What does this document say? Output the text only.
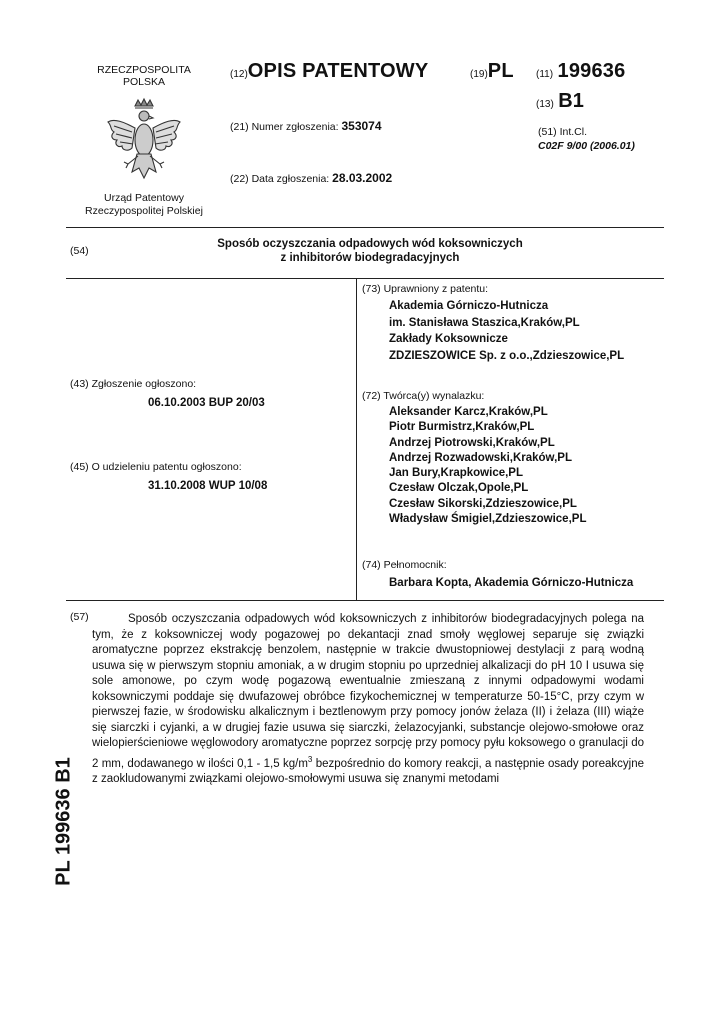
RZECZPOSPOLITA
POLSKA
Urząd Patentowy
Rzeczypospolitej Polskiej
(12)OPIS PATENTOWY	(19)PL (11) 199636
(13) B1
(21) Numer zgłoszenia: 353074	(51) Int.Cl.
C02F 9/00 (2006.01)
(22) Data zgłoszenia: 28.03.2002
(54)
Sposób oczyszczania odpadowych wód koksowniczych
z inhibitorów biodegradacyjnych
(43) Zgłoszenie ogłoszono:
06.10.2003 BUP 20/03
(45) O udzieleniu patentu ogłoszono:
31.10.2008 WUP 10/08
(73) Uprawniony z patentu:
Akademia Górniczo-Hutnicza
im. Stanisława Staszica,Kraków,PL
Zakłady Koksownicze
ZDZIESZOWICE Sp. z o.o.,Zdzieszowice,PL
(72) Twórca(y) wynalazku:
Aleksander Karcz,Kraków,PL
Piotr Burmistrz,Kraków,PL
Andrzej Piotrowski,Kraków,PL
Andrzej Rozwadowski,Kraków,PL
Jan Bury,Krapkowice,PL
Czesław Olczak,Opole,PL
Czesław Sikorski,Zdzieszowice,PL
Władysław Śmigiel,Zdzieszowice,PL
(74) Pełnomocnik:
Barbara Kopta, Akademia Górniczo-Hutnicza
(57)	Sposób oczyszczania odpadowych wód koksowniczych z inhibitorów biodegradacyjnych polega na tym, że z koksowniczej wody pogazowej po dekantacji znad smoły węglowej separuje się związki aromatyczne poprzez ekstrakcję benzolem, następnie w trakcie dwustopniowej destylacji z parą wodną usuwa się w pierwszym stopniu amoniak, a w drugim stopniu po uprzedniej alkalizacji do pH 10 I usuwa się sole amonowe, po czym wodę pogazową ewentualnie zmieszaną z innymi odpadowymi wodami koksowniczymi poddaje się dwufazowej obróbce fizykochemicznej w temperaturze 50-15°C, przy czym w pierwszej fazie, w środowisku alkalicznym i beztlenowym przy pomocy jonów żelaza (II) i żelaza (III) wiąże się siarczki i cyjanki, a w drugiej fazie usuwa się siarczki, żelazocyjanki, substancje olejowo-smołowe oraz wielopierścieniowe węglowodory aromatyczne poprzez sorpcję przy pomocy pyłu koksowego o granulacji do 2 mm, dodawanego w ilości 0,1 - 1,5 $kg/m^3$ bezpośrednio do komory reakcji, a następnie osady poreakcyjne z zaokludowanymi związkami olejowo-smołowymi usuwa się znanymi metodami

PL 199636 B1
